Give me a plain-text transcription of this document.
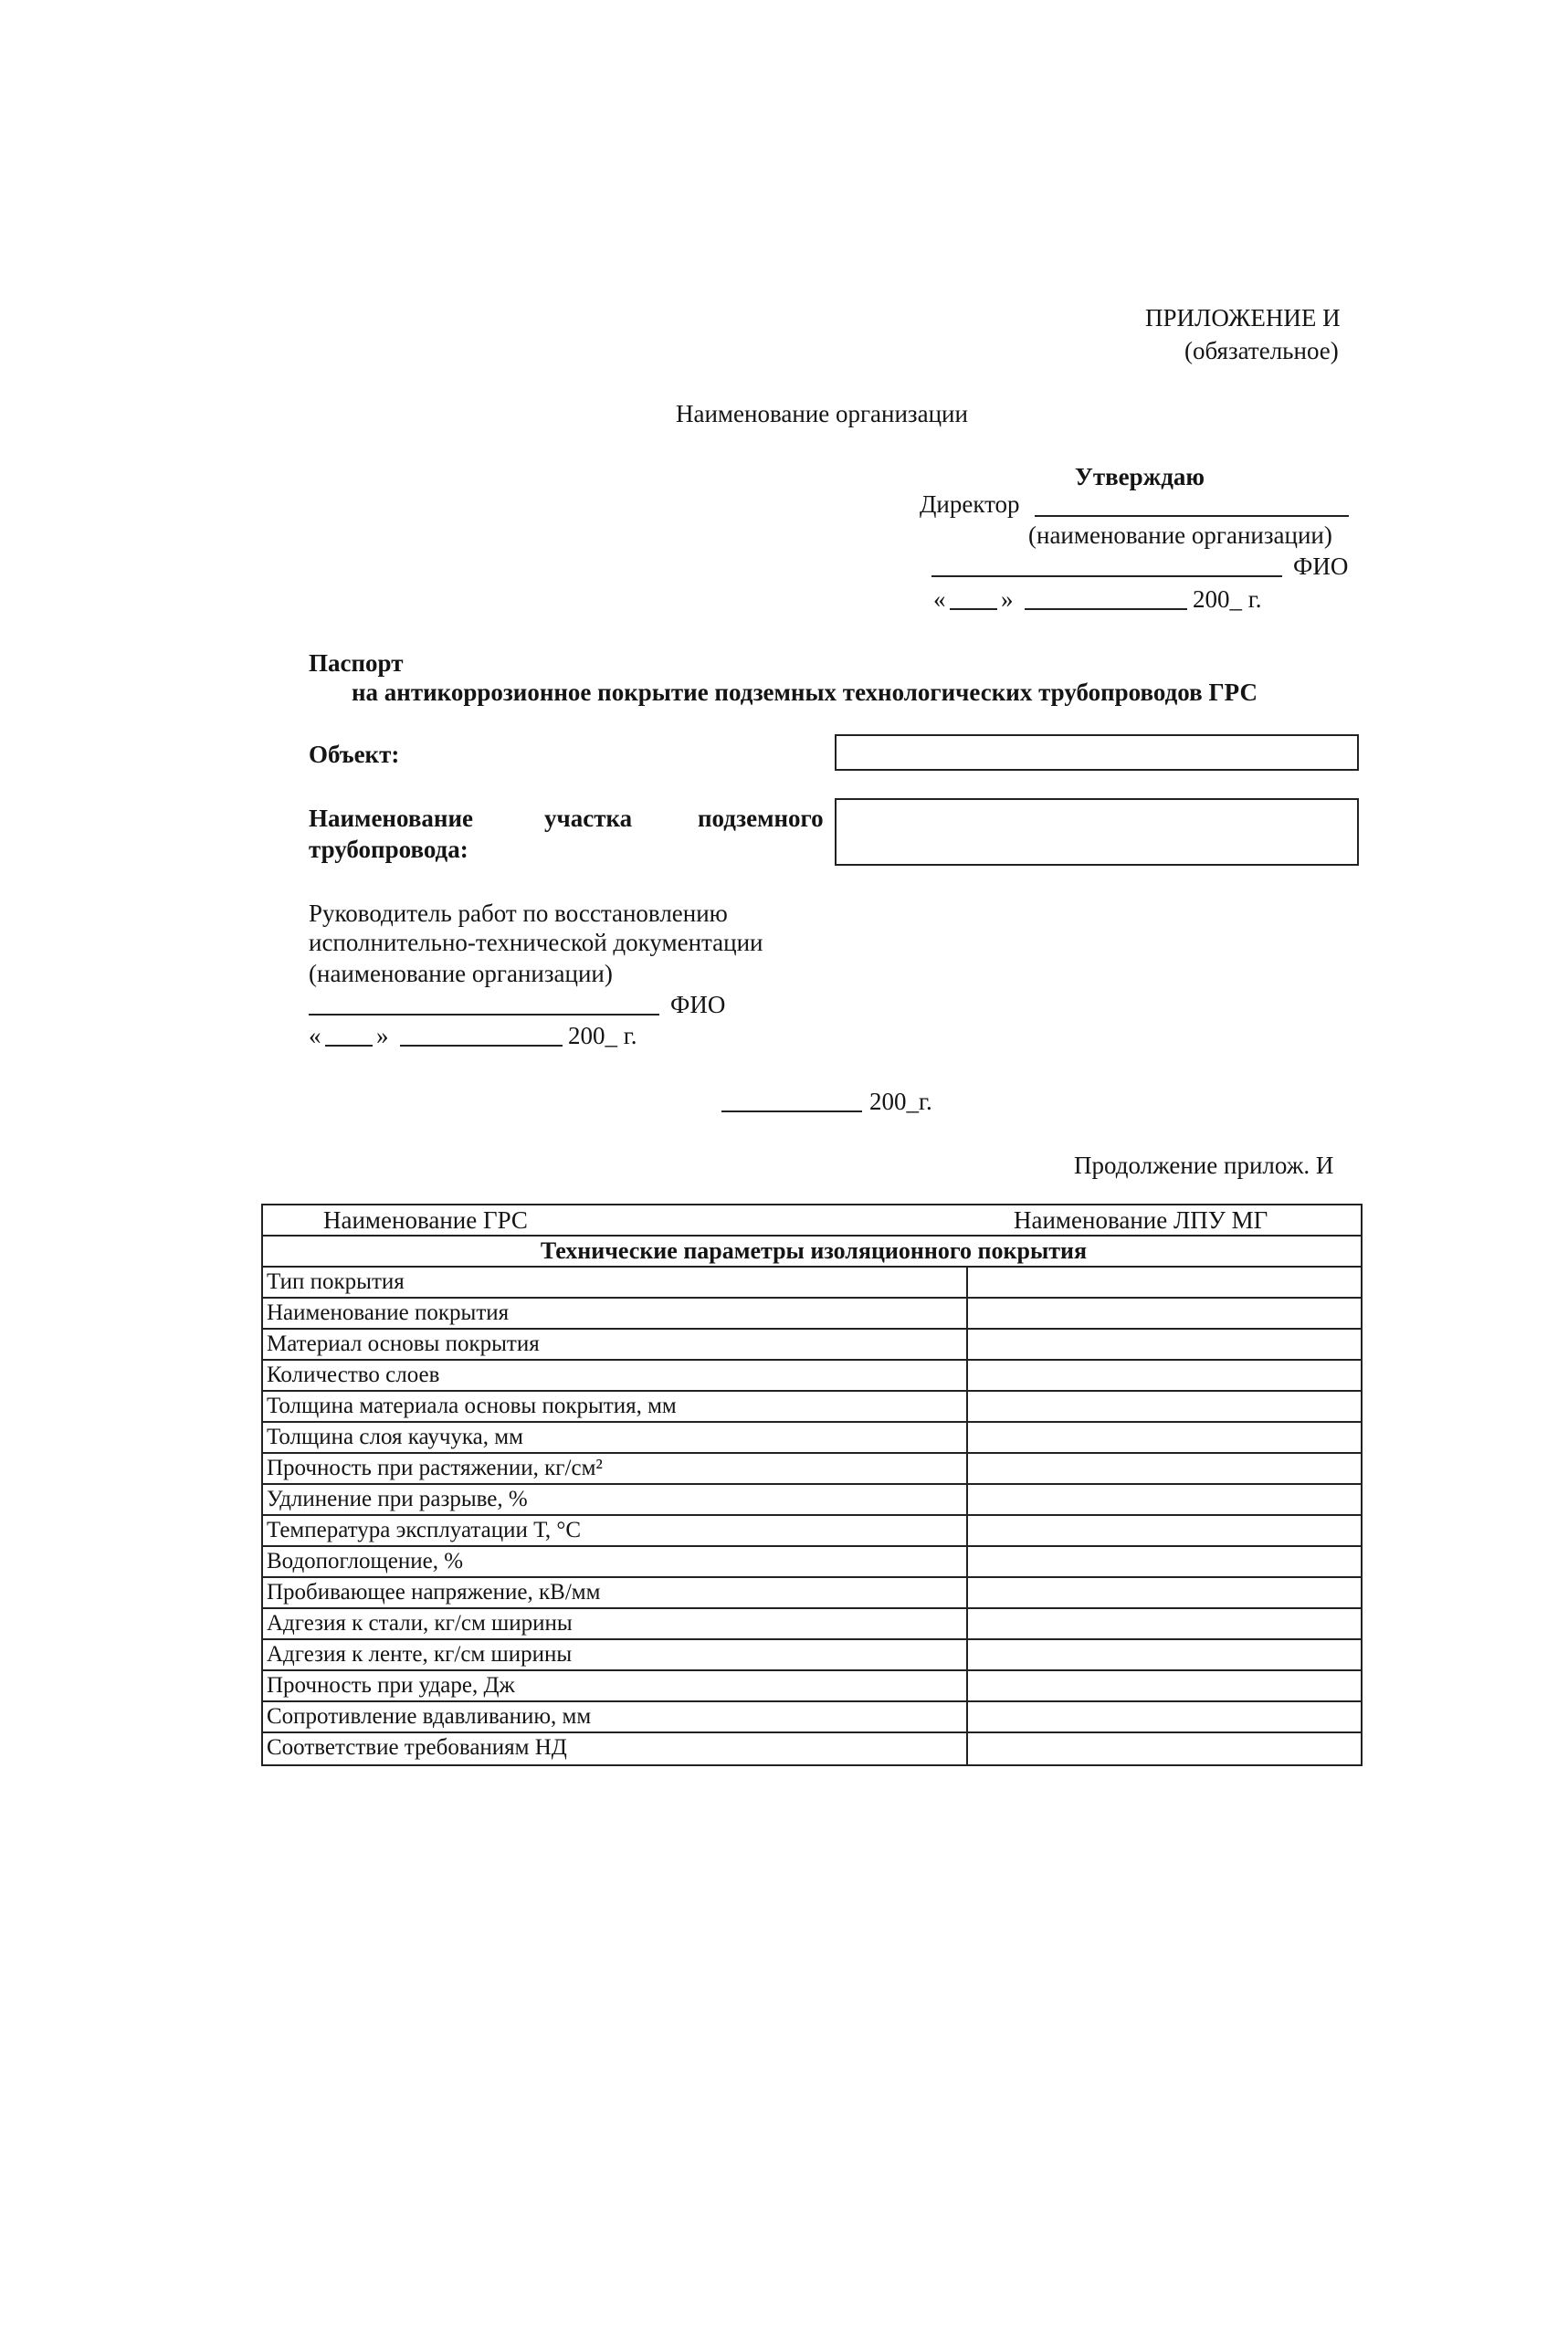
ПРИЛОЖЕНИЕ И
(обязательное)
Наименование организации
Утверждаю
Директор
(наименование организации)
ФИО
« »	200_ г.
Паспорт
на антикоррозионное покрытие подземных технологических трубопроводов ГРС
Объект:
Наименование	участка	подземного
трубопровода:
Руководитель работ по восстановлению
исполнительно-технической документации
(наименование организации)
ФИО
« »	200_ г.
200_г.
Продолжение прилож. И
Наименование ГРС	Наименование ЛПУ МГ
Технические параметры изоляционного покрытия
Тип покрытия
Наименование покрытия
Материал основы покрытия
Количество слоев
Толщина материала основы покрытия, мм
Толщина слоя каучука, мм
Прочность при растяжении, кг/см²
Удлинение при разрыве, %
Температура эксплуатации Т, °С
Водопоглощение, %
Пробивающее напряжение, кВ/мм
Адгезия к стали, кг/см ширины
Адгезия к ленте, кг/см ширины
Прочность при ударе, Дж
Сопротивление вдавливанию, мм
Соответствие требованиям НД
